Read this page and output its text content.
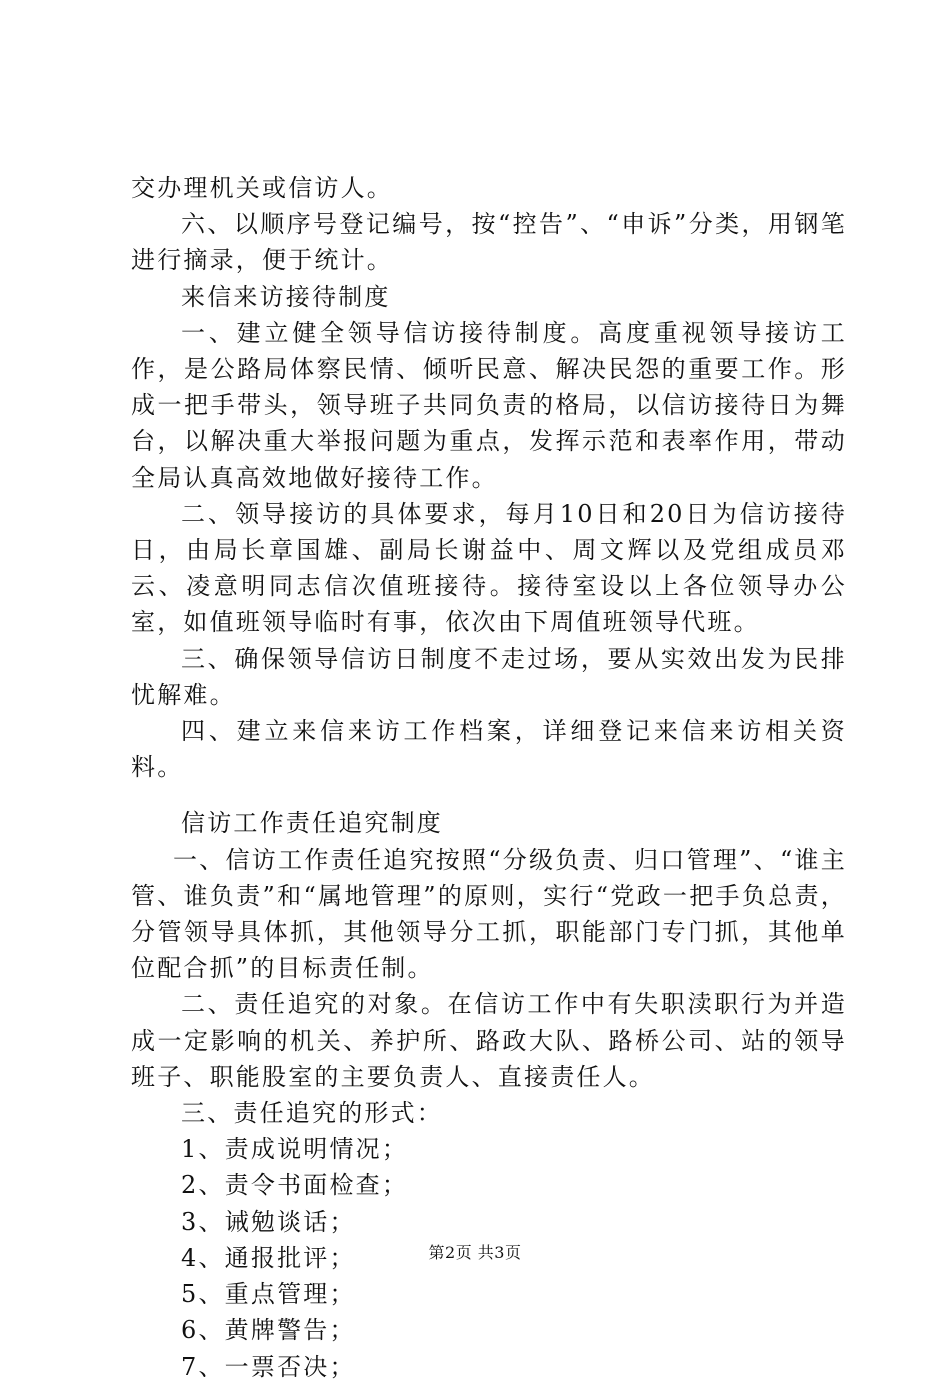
交办理机关或信访人。

六、以顺序号登记编号，按“控告”、“申诉”分类，用钢笔进行摘录，便于统计。

来信来访接待制度

一、建立健全领导信访接待制度。高度重视领导接访工作，是公路局体察民情、倾听民意、解决民怨的重要工作。形成一把手带头，领导班子共同负责的格局，以信访接待日为舞台，以解决重大举报问题为重点，发挥示范和表率作用，带动全局认真高效地做好接待工作。

二、领导接访的具体要求，每月10日和20日为信访接待日，由局长章国雄、副局长谢益中、周文辉以及党组成员邓云、凌意明同志信次值班接待。接待室设以上各位领导办公室，如值班领导临时有事，依次由下周值班领导代班。

三、确保领导信访日制度不走过场，要从实效出发为民排忧解难。

四、建立来信来访工作档案，详细登记来信来访相关资料。

信访工作责任追究制度

一、信访工作责任追究按照“分级负责、归口管理”、“谁主管、谁负责”和“属地管理”的原则，实行“党政一把手负总责，分管领导具体抓，其他领导分工抓，职能部门专门抓，其他单位配合抓”的目标责任制。

二、责任追究的对象。在信访工作中有失职渎职行为并造成一定影响的机关、养护所、路政大队、路桥公司、站的领导班子、职能股室的主要负责人、直接责任人。

三、责任追究的形式：

1、责成说明情况；

2、责令书面检查；

3、诫勉谈话；

4、通报批评；

5、重点管理；

6、黄牌警告；

7、一票否决；

第2页 共3页
